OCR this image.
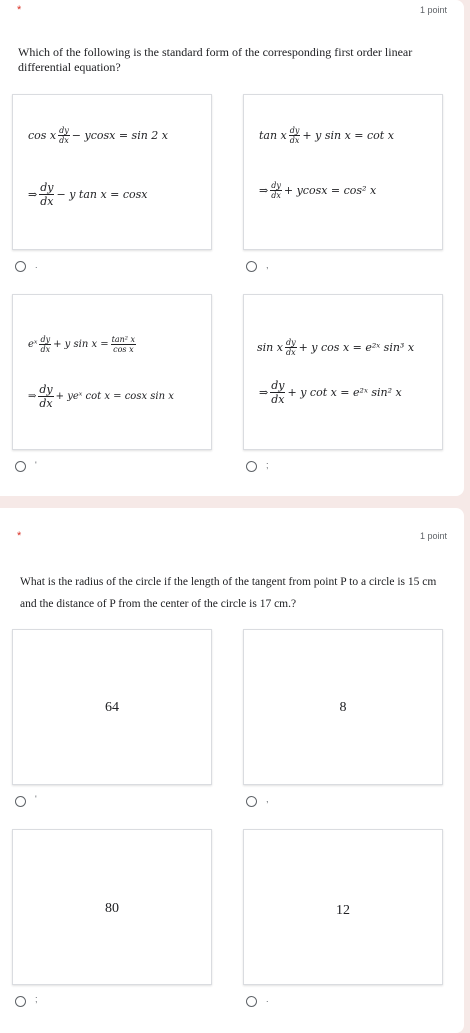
*	1 point
Which of the following is the standard form of the corresponding first order linear differential equation?
cos x $\frac{dy}{dx} - ycosx = \sin 2$ x
⇒ $\frac{dy}{dx} - y$ tan x = cosx
.
tan x $\frac{dy}{dx} + y$ sin x = cot x
⇒ $\frac{dy}{dx} + ycosx = \cos^2$ x
,
eˣ $\frac{dy}{dx} + y$ $\sin x = \frac{\text{tan² x}}{\text{cos x}}$
⇒ $\frac{dy}{dx}$ + yeˣ cot x = cosx sin x
'
sin x $\frac{dy}{dx} + y$ cos x = e²ˣ sin³ x
⇒ $\frac{dy}{dx} + y$ cot x = e²ˣ sin² x
;
*	1 point
What is the radius of the circle if the length of the tangent from point P to a circle is 15 cm and the distance of P from the center of the circle is 17 cm.?
64
'
8
,
80
;
12
.
